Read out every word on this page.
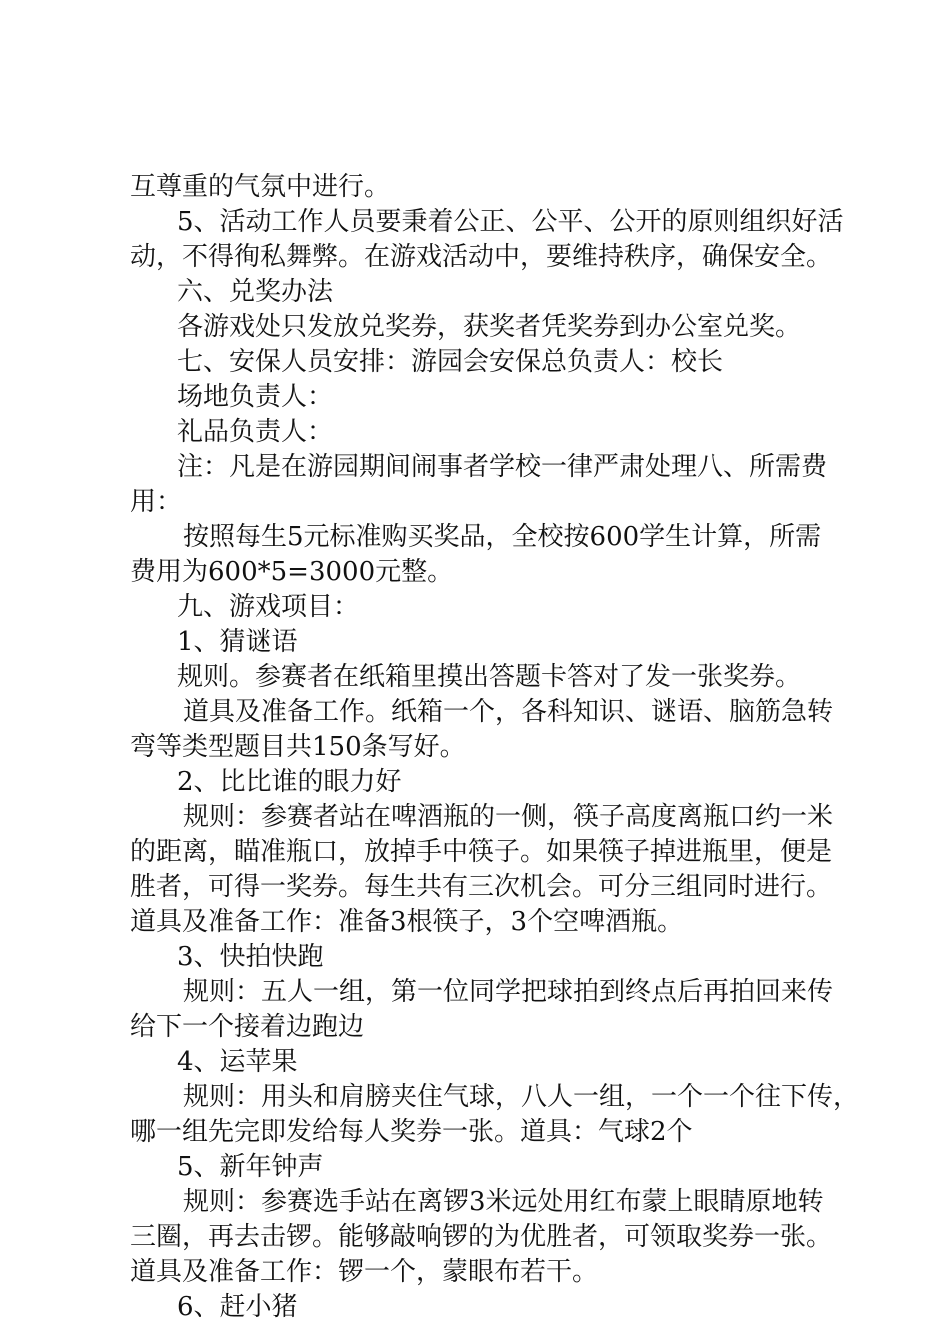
互尊重的气氛中进行。
5、活动工作人员要秉着公正、公平、公开的原则组织好活
动，不得徇私舞弊。在游戏活动中，要维持秩序，确保安全。
六、兑奖办法
各游戏处只发放兑奖券，获奖者凭奖券到办公室兑奖。
七、安保人员安排：游园会安保总负责人：校长
场地负责人：
礼品负责人：
注：凡是在游园期间闹事者学校一律严肃处理八、所需费
用：
按照每生5元标准购买奖品，全校按600学生计算，所需
费用为600*5=3000元整。
九、游戏项目：
1、猜谜语
规则。参赛者在纸箱里摸出答题卡答对了发一张奖券。
道具及准备工作。纸箱一个，各科知识、谜语、脑筋急转
弯等类型题目共150条写好。
2、比比谁的眼力好
规则：参赛者站在啤酒瓶的一侧，筷子高度离瓶口约一米
的距离，瞄准瓶口，放掉手中筷子。如果筷子掉进瓶里，便是
胜者，可得一奖券。每生共有三次机会。可分三组同时进行。
道具及准备工作：准备3根筷子，3个空啤酒瓶。
3、快拍快跑
规则：五人一组，第一位同学把球拍到终点后再拍回来传
给下一个接着边跑边
4、运苹果
规则：用头和肩膀夹住气球，八人一组，一个一个往下传，
哪一组先完即发给每人奖券一张。道具：气球2个
5、新年钟声
规则：参赛选手站在离锣3米远处用红布蒙上眼睛原地转
三圈，再去击锣。能够敲响锣的为优胜者，可领取奖券一张。
道具及准备工作：锣一个，蒙眼布若干。
6、赶小猪
